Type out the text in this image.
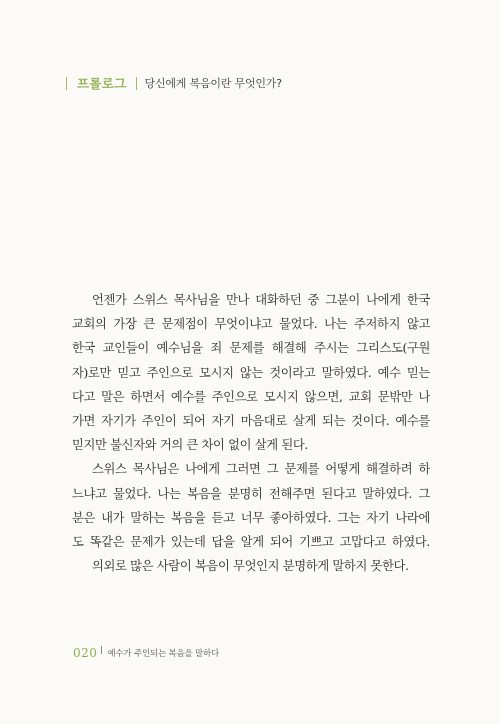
프롤로그 당신에게 복음이란 무엇인가?
언젠가 스위스 목사님을 만나 대화하던 중 그분이 나에게 한국
교회의 가장 큰 문제점이 무엇이냐고 물었다. 나는 주저하지 않고
한국 교인들이 예수님을 죄 문제를 해결해 주시는 그리스도(구원
자)로만 믿고 주인으로 모시지 않는 것이라고 말하였다. 예수 믿는
다고 말은 하면서 예수를 주인으로 모시지 않으면, 교회 문밖만 나
가면 자기가 주인이 되어 자기 마음대로 살게 되는 것이다. 예수를
믿지만 불신자와 거의 큰 차이 없이 살게 된다.
스위스 목사님은 나에게 그러면 그 문제를 어떻게 해결하려 하
느냐고 물었다. 나는 복음을 분명히 전해주면 된다고 말하였다. 그
분은 내가 말하는 복음을 듣고 너무 좋아하였다. 그는 자기 나라에
도 똑같은 문제가 있는데 답을 알게 되어 기쁘고 고맙다고 하였다.
의외로 많은 사람이 복음이 무엇인지 분명하게 말하지 못한다.
020 예수가 주인되는 복음을 말하다
